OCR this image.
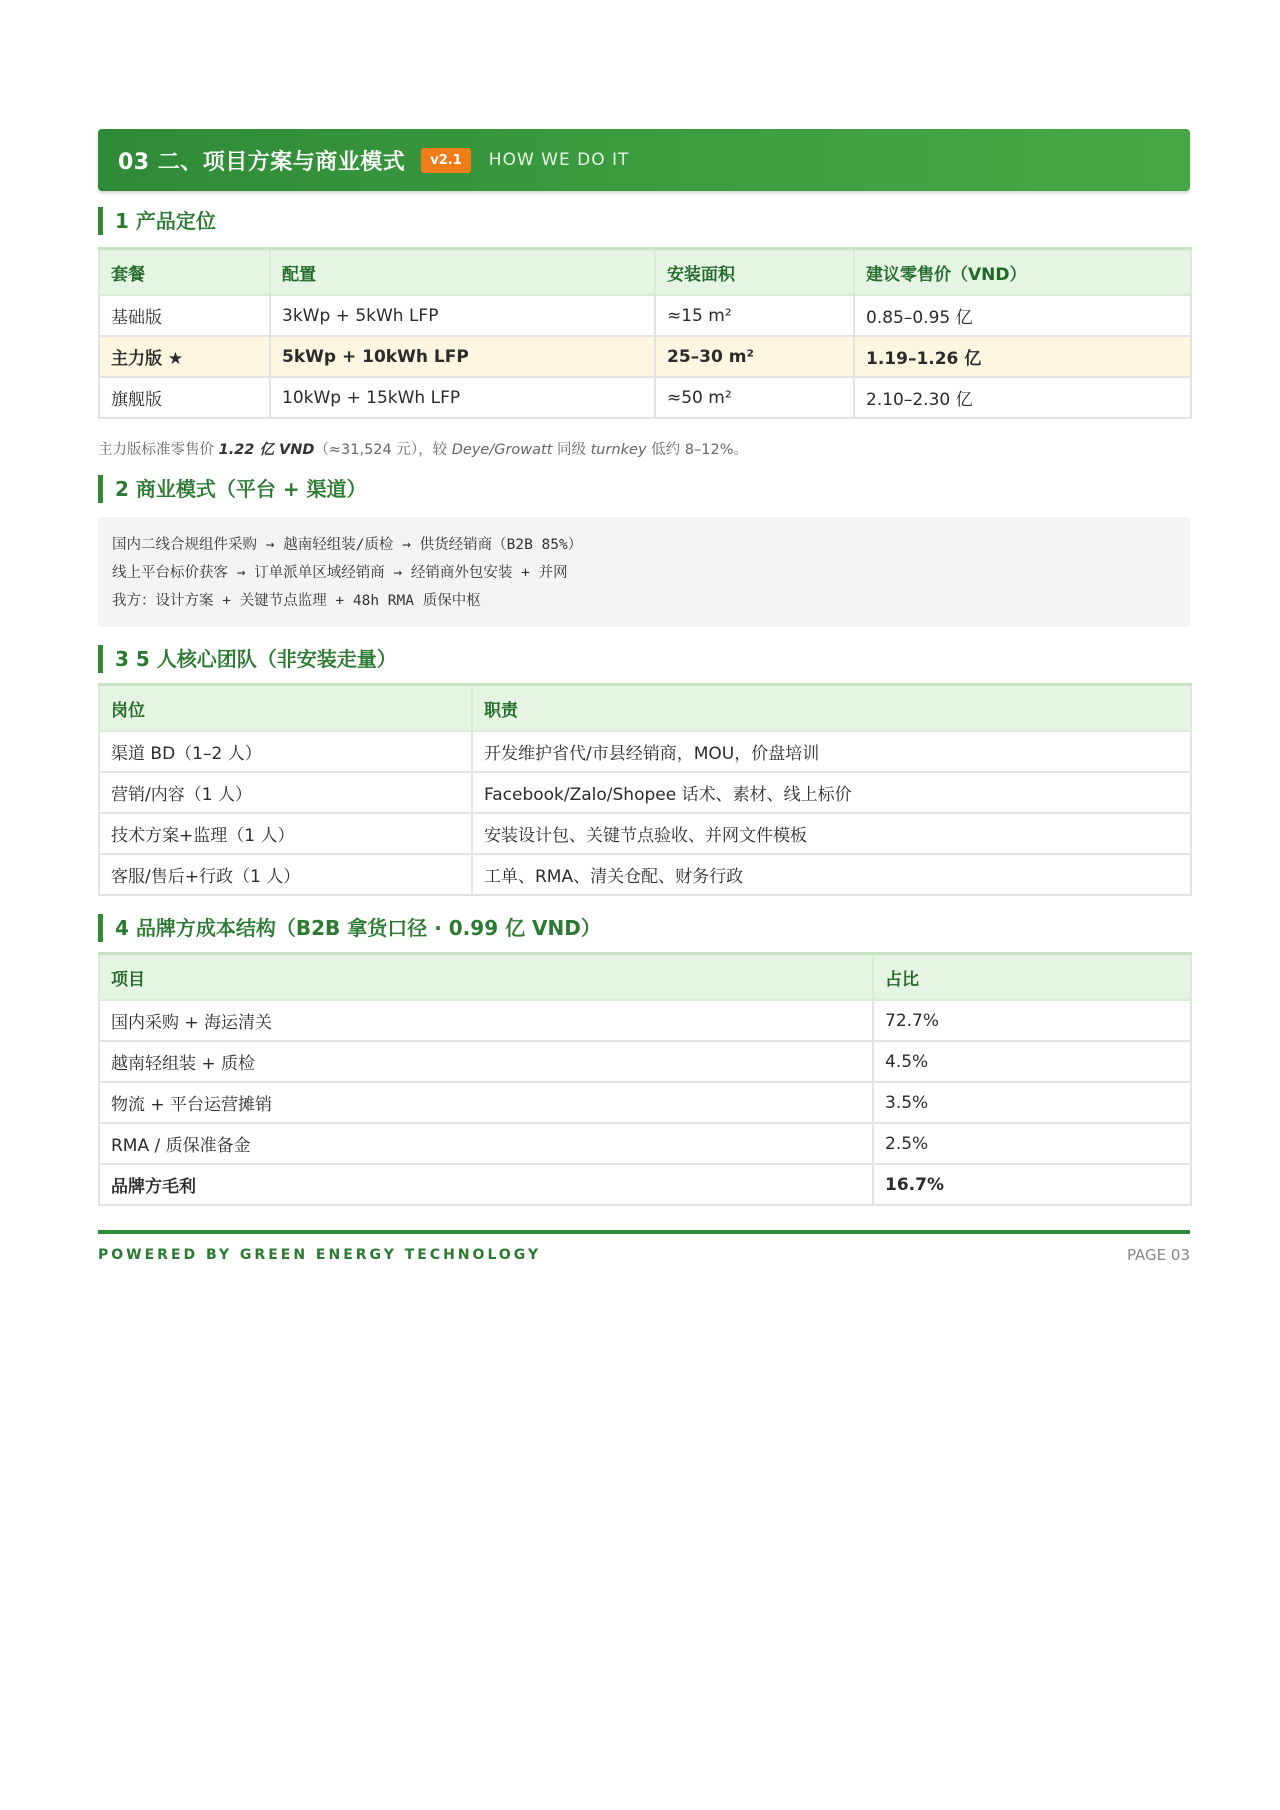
03 二、项目方案与商业模式	v2.1	HOW WE DO IT
1 产品定位
套餐	配置	安装面积	建议零售价（VND）
基础版	3kWp + 5kWh LFP	≈15 m²	0.85–0.95 亿
主力版 ★	5kWp + 10kWh LFP	25–30 m²	1.19–1.26 亿
旗舰版	10kWp + 15kWh LFP	≈50 m²	2.10–2.30 亿
主力版标准零售价 1.22 亿 VND（≈31,524 元），较 Deye/Growatt 同级 turnkey 低约 8–12%。
2 商业模式（平台 + 渠道）
国内二线合规组件采购 → 越南轻组装/质检 → 供货经销商（B2B 85%）
线上平台标价获客 → 订单派单区域经销商 → 经销商外包安装 + 并网
我方：设计方案 + 关键节点监理 + 48h RMA 质保中枢
3 5 人核心团队（非安装走量）
岗位	职责
渠道 BD（1–2 人）	开发维护省代/市县经销商，MOU，价盘培训
营销/内容（1 人）	Facebook/Zalo/Shopee 话术、素材、线上标价
技术方案+监理（1 人）	安装设计包、关键节点验收、并网文件模板
客服/售后+行政（1 人）	工单、RMA、清关仓配、财务行政
4 品牌方成本结构（B2B 拿货口径 · 0.99 亿 VND）
项目	占比
国内采购 + 海运清关	72.7%
越南轻组装 + 质检	4.5%
物流 + 平台运营摊销	3.5%
RMA / 质保准备金	2.5%
品牌方毛利	16.7%
POWERED BY GREEN ENERGY TECHNOLOGY	PAGE 03
